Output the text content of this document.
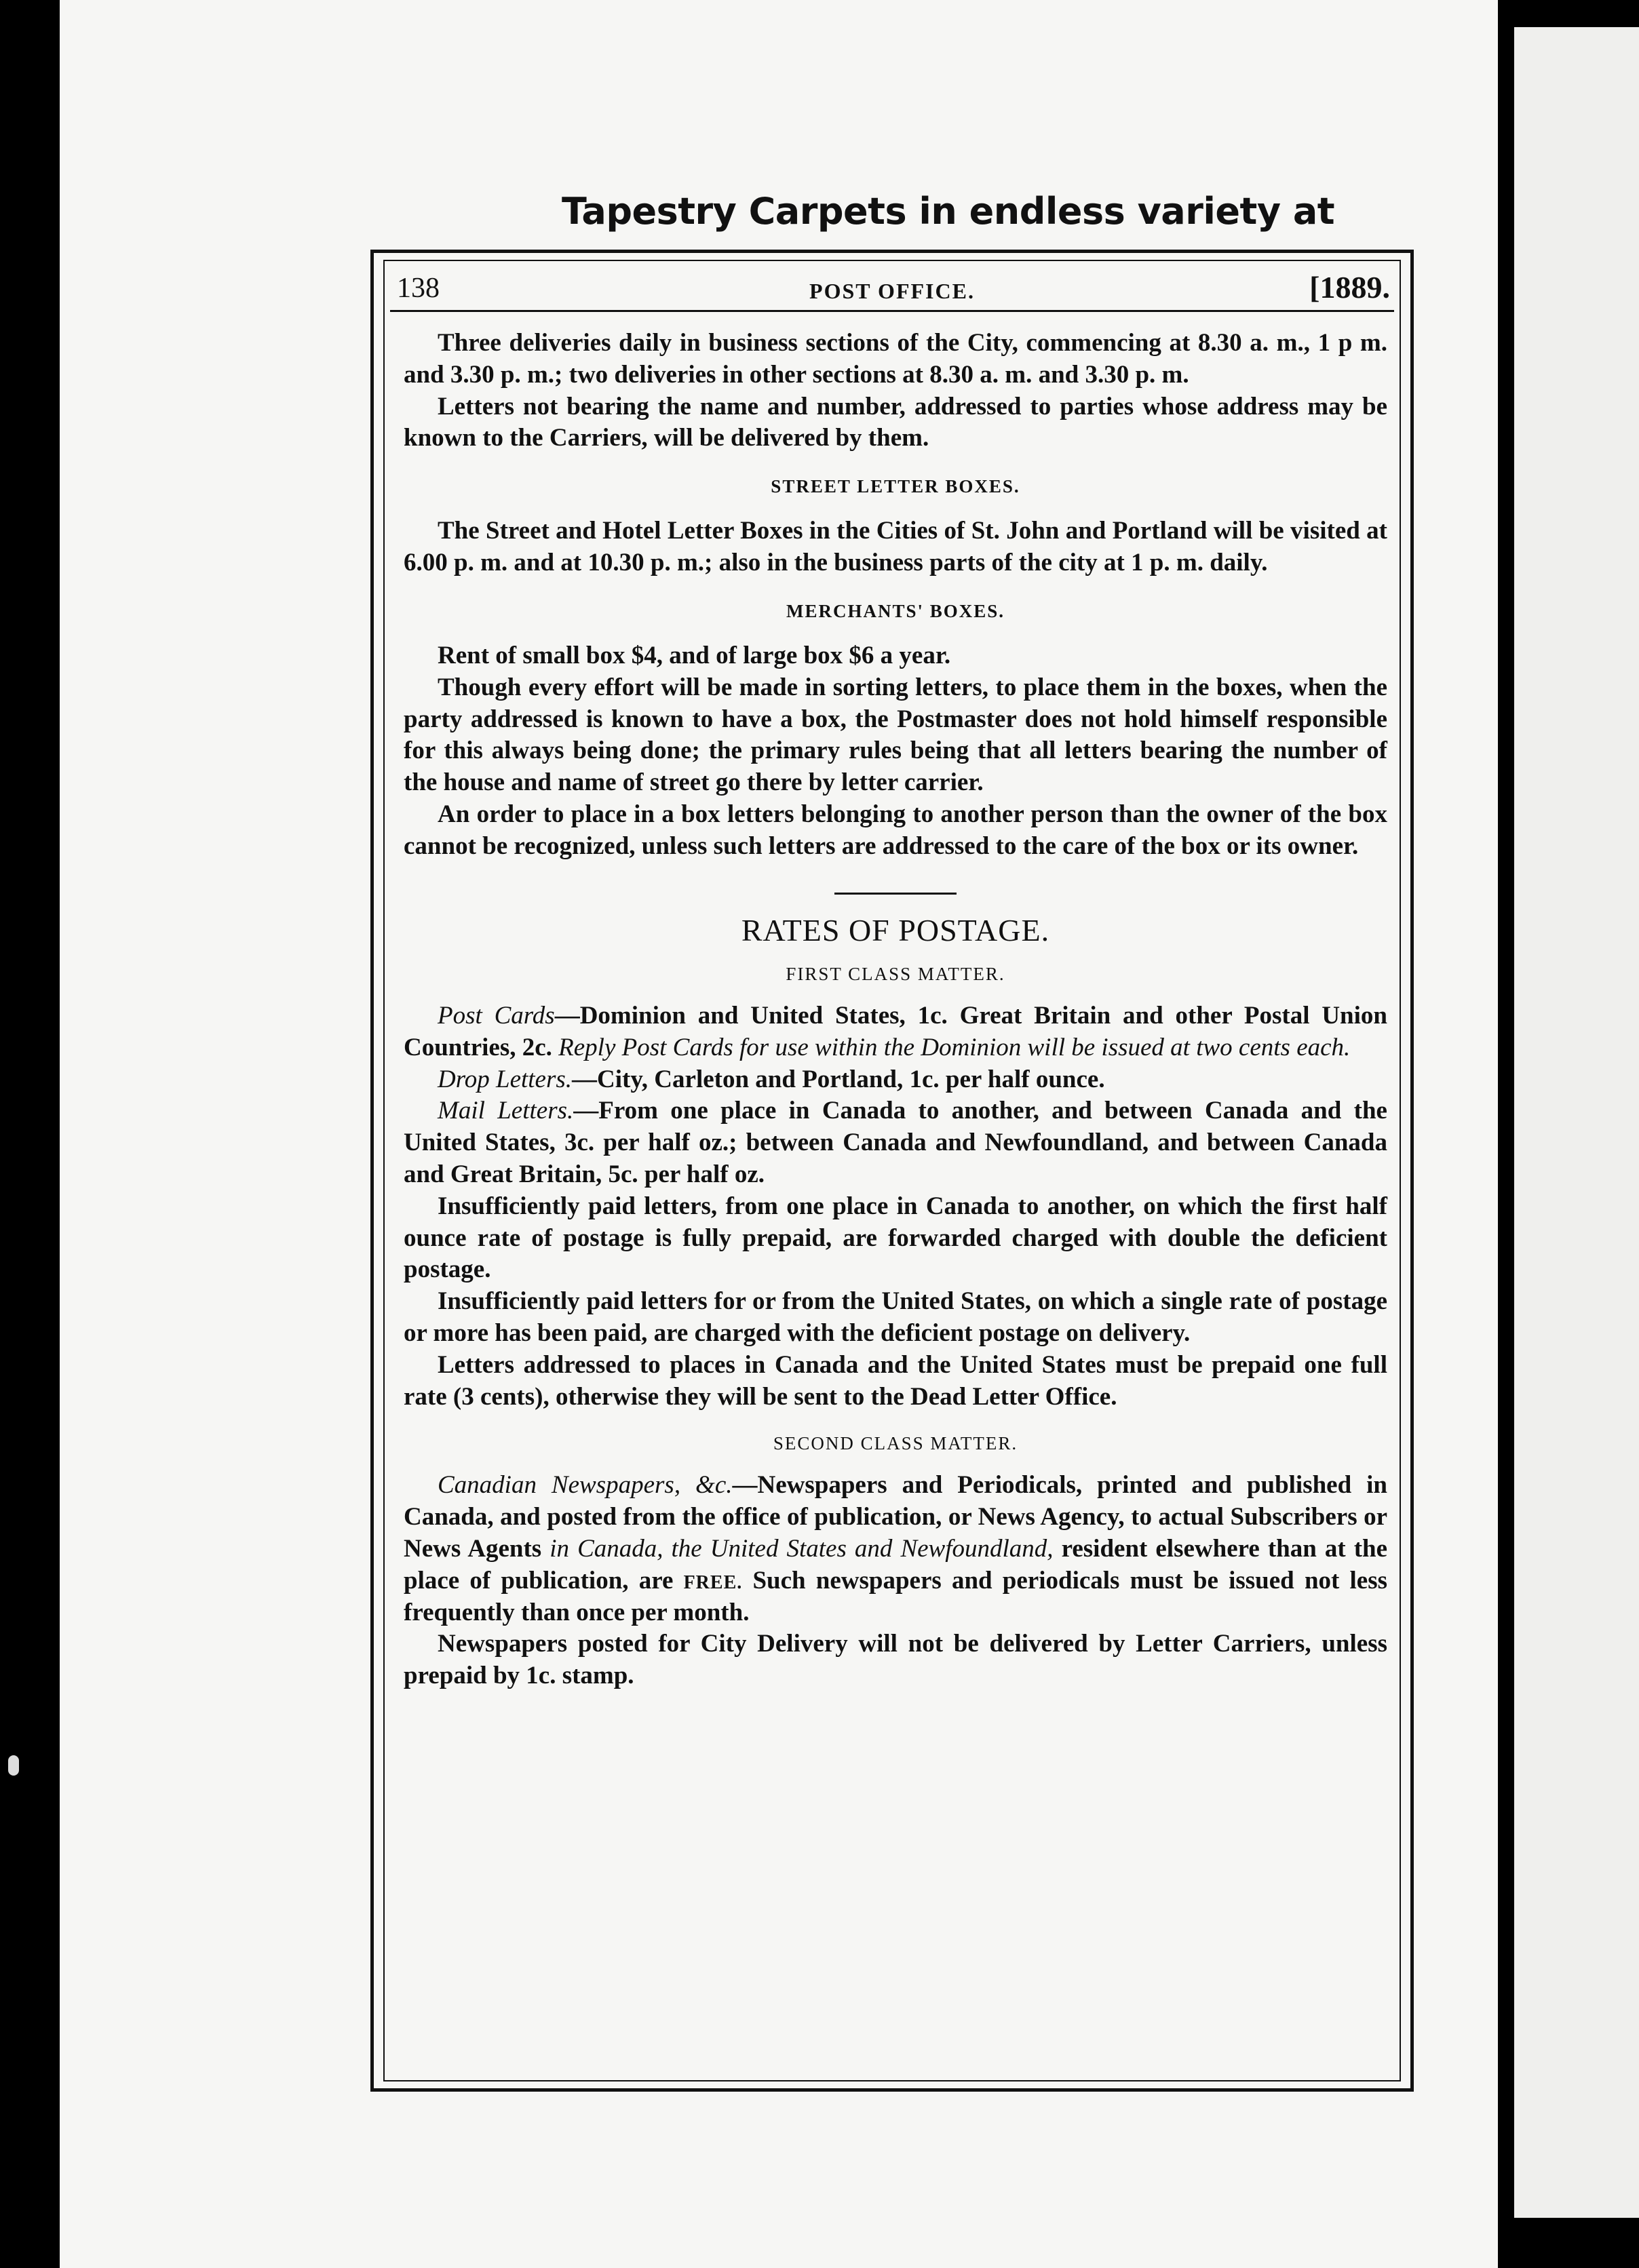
Tapestry Carpets in endless variety at
138	POST OFFICE.	[1889.

Three deliveries daily in business sections of the City, commencing at 8.30 a. m., 1 p m. and 3.30 p. m.; two deliveries in other sections at 8.30 a. m. and 3.30 p. m.

Letters not bearing the name and number, addressed to parties whose address may be known to the Carriers, will be delivered by them.

STREET LETTER BOXES.

The Street and Hotel Letter Boxes in the Cities of St. John and Portland will be visited at 6.00 p. m. and at 10.30 p. m.; also in the business parts of the city at 1 p. m. daily.

MERCHANTS' BOXES.

Rent of small box $4, and of large box $6 a year.

Though every effort will be made in sorting letters, to place them in the boxes, when the party addressed is known to have a box, the Postmaster does not hold himself responsible for this always being done; the primary rules being that all letters bearing the number of the house and name of street go there by letter carrier.

An order to place in a box letters belonging to another person than the owner of the box cannot be recognized, unless such letters are addressed to the care of the box or its owner.

RATES OF POSTAGE.
FIRST CLASS MATTER.

Post Cards—Dominion and United States, 1c. Great Britain and other Postal Union Countries, 2c. Reply Post Cards for use within the Dominion will be issued at two cents each.

Drop Letters.—City, Carleton and Portland, 1c. per half ounce.

Mail Letters.—From one place in Canada to another, and between Canada and the United States, 3c. per half oz.; between Canada and Newfoundland, and between Canada and Great Britain, 5c. per half oz.

Insufficiently paid letters, from one place in Canada to another, on which the first half ounce rate of postage is fully prepaid, are forwarded charged with double the deficient postage.

Insufficiently paid letters for or from the United States, on which a single rate of postage or more has been paid, are charged with the deficient postage on delivery.

Letters addressed to places in Canada and the United States must be prepaid one full rate (3 cents), otherwise they will be sent to the Dead Letter Office.

SECOND CLASS MATTER.

Canadian Newspapers, &c.—Newspapers and Periodicals, printed and published in Canada, and posted from the office of publication, or News Agency, to actual Subscribers or News Agents in Canada, the United States and Newfoundland, resident elsewhere than at the place of publication, are FREE. Such newspapers and periodicals must be issued not less frequently than once per month.

Newspapers posted for City Delivery will not be delivered by Letter Carriers, unless prepaid by 1c. stamp.
